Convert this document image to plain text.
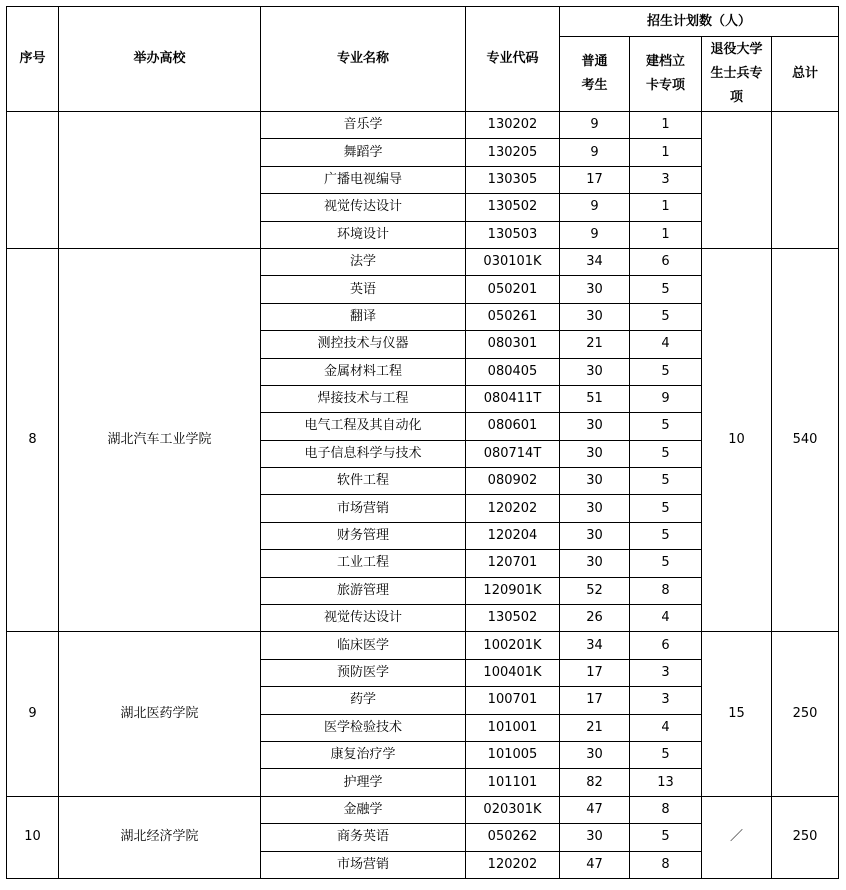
序号	举办高校	专业名称	专业代码	招生计划数（人）			
				普通考生	建档立卡专项	退役大学生士兵专项	总计
		音乐学	130202	9	1		
		舞蹈学	130205	9	1		
		广播电视编导	130305	17	3		
		视觉传达设计	130502	9	1		
		环境设计	130503	9	1		
8	湖北汽车工业学院	法学	030101K	34	6	10	540
		英语	050201	30	5		
		翻译	050261	30	5		
		测控技术与仪器	080301	21	4		
		金属材料工程	080405	30	5		
		焊接技术与工程	080411T	51	9		
		电气工程及其自动化	080601	30	5		
		电子信息科学与技术	080714T	30	5		
		软件工程	080902	30	5		
		市场营销	120202	30	5		
		财务管理	120204	30	5		
		工业工程	120701	30	5		
		旅游管理	120901K	52	8		
		视觉传达设计	130502	26	4		
9	湖北医药学院	临床医学	100201K	34	6	15	250
		预防医学	100401K	17	3		
		药学	100701	17	3		
		医学检验技术	101001	21	4		
		康复治疗学	101005	30	5		
		护理学	101101	82	13		
10	湖北经济学院	金融学	020301K	47	8	／	250
		商务英语	050262	30	5		
		市场营销	120202	47	8		
